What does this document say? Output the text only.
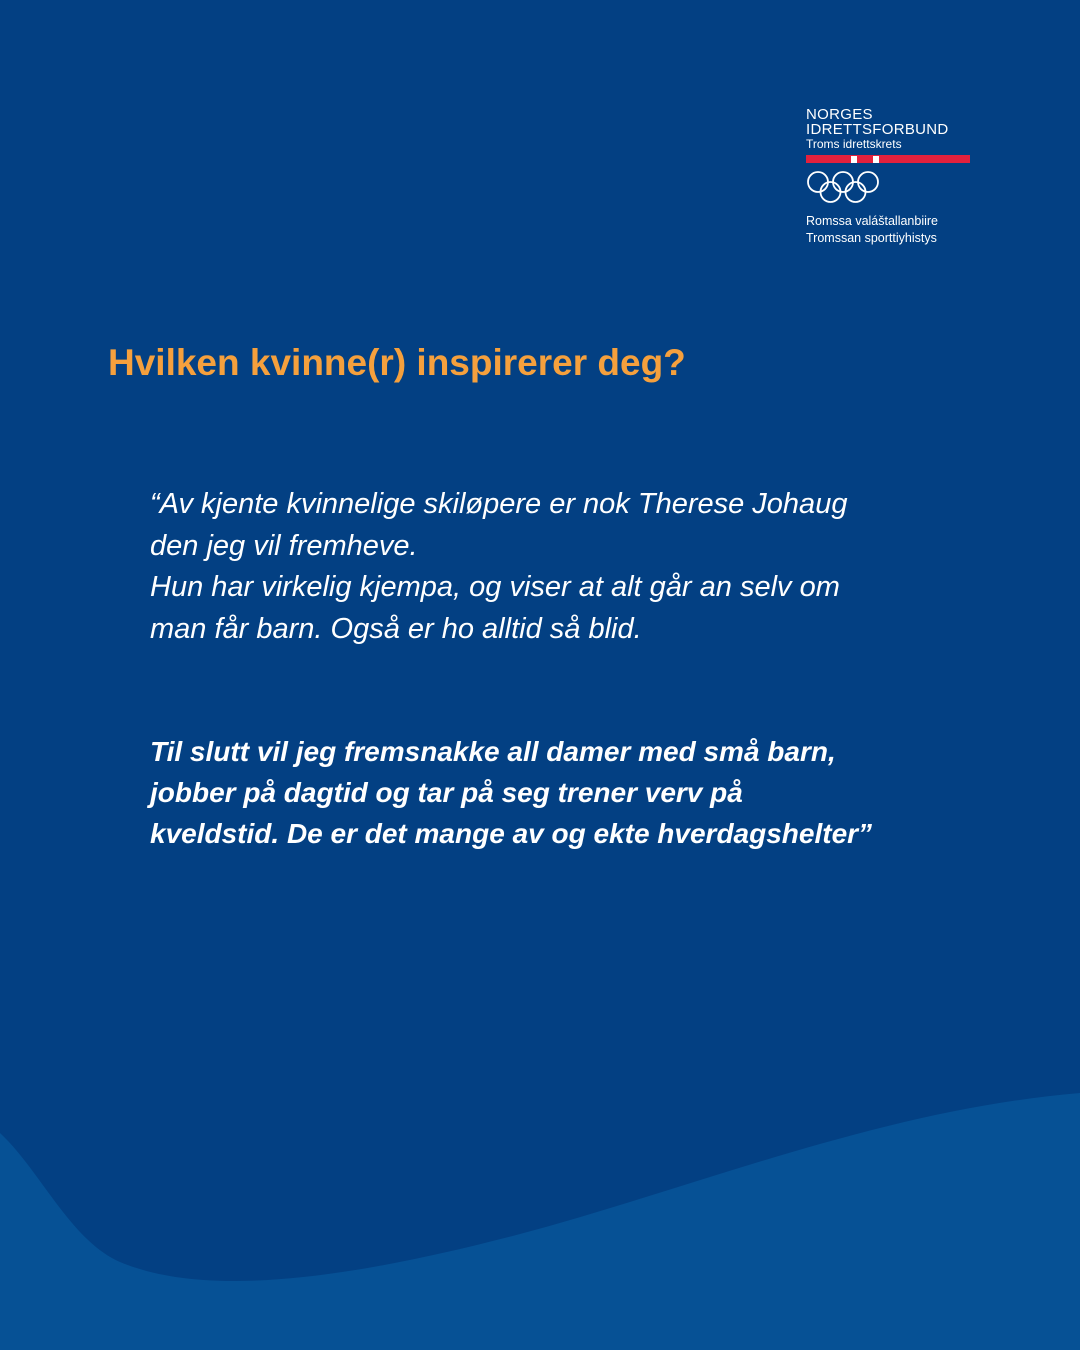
NORGES
IDRETTSFORBUND
Troms idrettskrets
Romssa valáštallanbiire
Tromssan sporttiyhistys
Hvilken kvinne(r) inspirerer deg?

“Av kjente kvinnelige skiløpere er nok Therese Johaug

den jeg vil fremheve.

Hun har virkelig kjempa, og viser at alt går an selv om

man får barn. Også er ho alltid så blid.

Til slutt vil jeg fremsnakke all damer med små barn,
jobber på dagtid og tar på seg trener verv på
kveldstid. De er det mange av og ekte hverdagshelter”
